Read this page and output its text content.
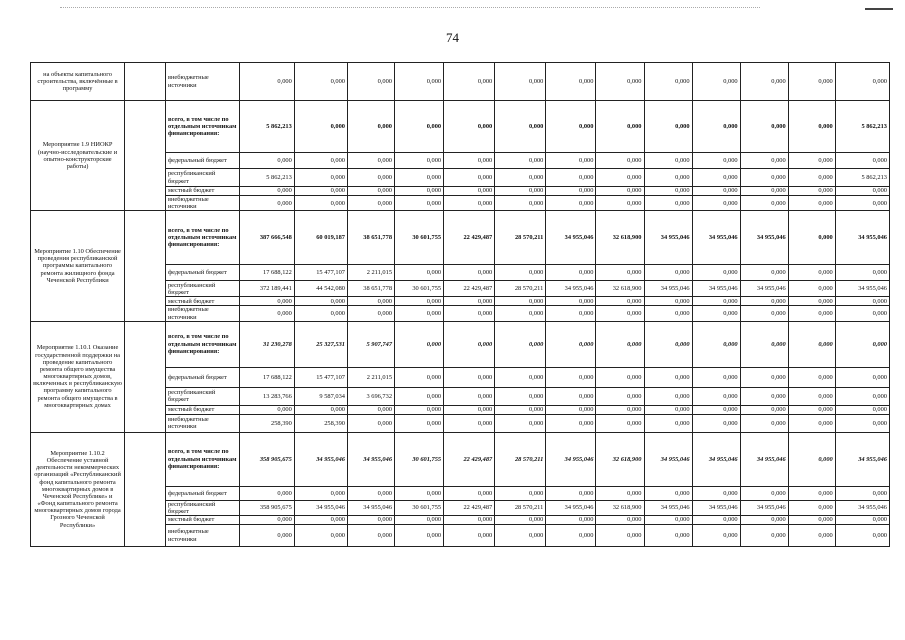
74
на объекты капитального строительства, включённые в программу		внебюджетные источники	0,000	0,000	0,000	0,000	0,000	0,000	0,000	0,000	0,000	0,000	0,000	0,000	0,000
Мероприятие 1.9 НИОКР (научно-исследовательские и опытно-конструкторские работы)		всего, в том числе по отдельным источникам финансирования:	5 862,213	0,000	0,000	0,000	0,000	0,000	0,000	0,000	0,000	0,000	0,000	0,000	5 862,213
		федеральный бюджет	0,000	0,000	0,000	0,000	0,000	0,000	0,000	0,000	0,000	0,000	0,000	0,000	0,000
		республиканский бюджет	5 862,213	0,000	0,000	0,000	0,000	0,000	0,000	0,000	0,000	0,000	0,000	0,000	5 862,213
		местный бюджет	0,000	0,000	0,000	0,000	0,000	0,000	0,000	0,000	0,000	0,000	0,000	0,000	0,000
		внебюджетные источники	0,000	0,000	0,000	0,000	0,000	0,000	0,000	0,000	0,000	0,000	0,000	0,000	0,000
Мероприятие 1.10 Обеспечение проведения республиканской программы капитального ремонта жилищного фонда Чеченской Республики		всего, в том числе по отдельным источникам финансирования:	387 666,548	60 019,187	38 651,778	30 601,755	22 429,487	28 570,211	34 955,046	32 618,900	34 955,046	34 955,046	34 955,046	0,000	34 955,046
		федеральный бюджет	17 688,122	15 477,107	2 211,015	0,000	0,000	0,000	0,000	0,000	0,000	0,000	0,000	0,000	0,000
		республиканский бюджет	372 189,441	44 542,080	38 651,778	30 601,755	22 429,487	28 570,211	34 955,046	32 618,900	34 955,046	34 955,046	34 955,046	0,000	34 955,046
		местный бюджет	0,000	0,000	0,000	0,000	0,000	0,000	0,000	0,000	0,000	0,000	0,000	0,000	0,000
		внебюджетные источники	0,000	0,000	0,000	0,000	0,000	0,000	0,000	0,000	0,000	0,000	0,000	0,000	0,000
Мероприятие 1.10.1 Оказание государственной поддержки на проведение капитального ремонта общего имущества многоквартирных домов, включенных в республиканскую программу капитального ремонта общего имущества в многоквартирных домах		всего, в том числе по отдельным источникам финансирования:	31 230,278	25 327,531	5 907,747	0,000	0,000	0,000	0,000	0,000	0,000	0,000	0,000	0,000	0,000
		федеральный бюджет	17 688,122	15 477,107	2 211,015	0,000	0,000	0,000	0,000	0,000	0,000	0,000	0,000	0,000	0,000
		республиканский бюджет	13 283,766	9 587,034	3 696,732	0,000	0,000	0,000	0,000	0,000	0,000	0,000	0,000	0,000	0,000
		местный бюджет	0,000	0,000	0,000	0,000	0,000	0,000	0,000	0,000	0,000	0,000	0,000	0,000	0,000
		внебюджетные источники	258,390	258,390	0,000	0,000	0,000	0,000	0,000	0,000	0,000	0,000	0,000	0,000	0,000
Мероприятие 1.10.2 Обеспечение уставной деятельности некоммерческих организаций «Республиканский фонд капитального ремонта многоквартирных домов в Чеченской Республике» и «Фонд капитального ремонта многоквартирных домов города Грозного Чеченской Республики»		всего, в том числе по отдельным источникам финансирования:	358 905,675	34 955,046	34 955,046	30 601,755	22 429,487	28 570,211	34 955,046	32 618,900	34 955,046	34 955,046	34 955,046	0,000	34 955,046
		федеральный бюджет	0,000	0,000	0,000	0,000	0,000	0,000	0,000	0,000	0,000	0,000	0,000	0,000	0,000
		республиканский бюджет	358 905,675	34 955,046	34 955,046	30 601,755	22 429,487	28 570,211	34 955,046	32 618,900	34 955,046	34 955,046	34 955,046	0,000	34 955,046
		местный бюджет	0,000	0,000	0,000	0,000	0,000	0,000	0,000	0,000	0,000	0,000	0,000	0,000	0,000
		внебюджетные источники	0,000	0,000	0,000	0,000	0,000	0,000	0,000	0,000	0,000	0,000	0,000	0,000	0,000
